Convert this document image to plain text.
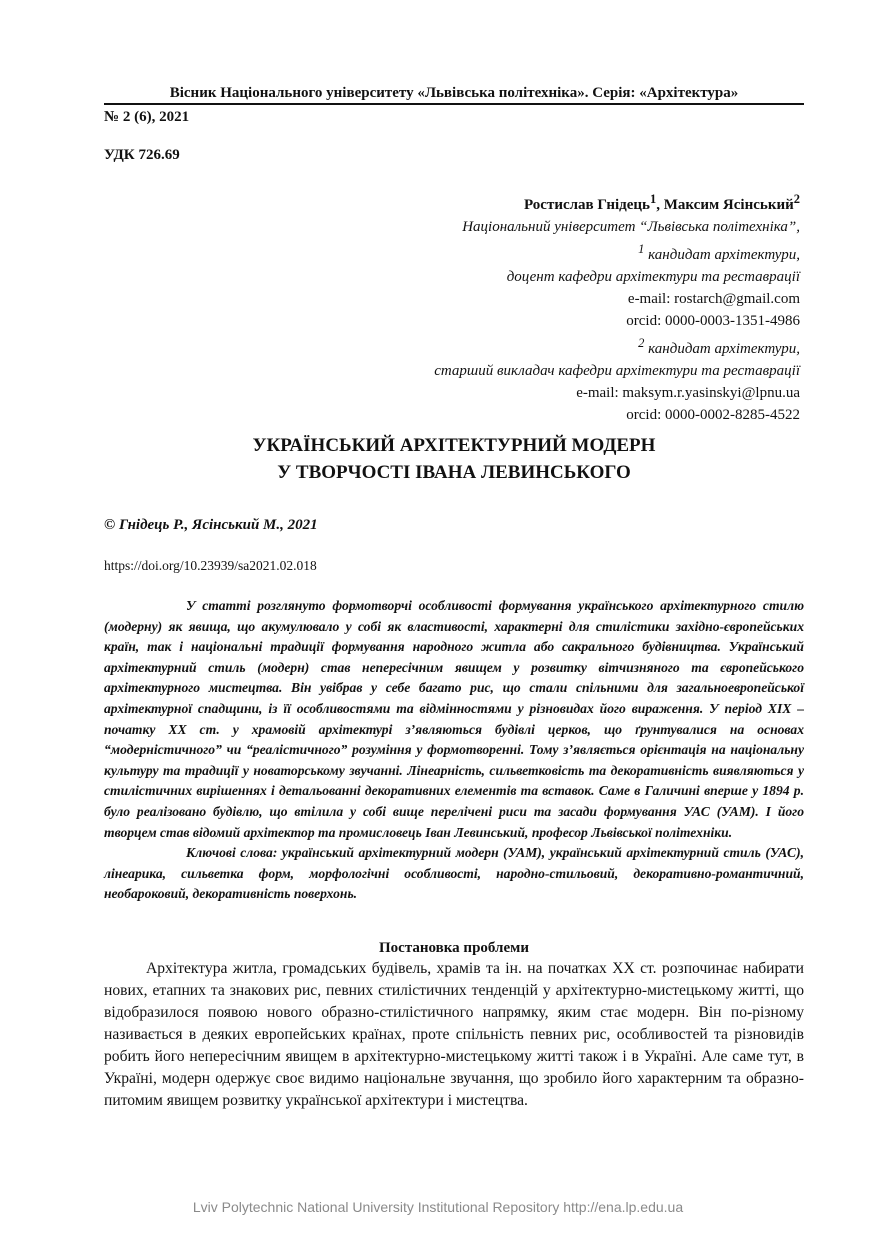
Вісник Національного університету «Львівська політехніка». Серія: «Архітектура»
№ 2 (6), 2021
УДК 726.69
Ростислав Гнідець$^1$, Максим Ясінський$^2$
Національний університет “Львівська політехніка”,
$^1$ кандидат архітектури,
доцент кафедри архітектури та реставрації
e-mail: rostarch@gmail.com
orcid: 0000-0003-1351-4986
$^2$ кандидат архітектури,
старший викладач кафедри архітектури та реставрації
e-mail: maksym.r.yasinskyi@lpnu.ua
orcid: 0000-0002-8285-4522
УКРАЇНСЬКИЙ АРХІТЕКТУРНИЙ МОДЕРН
У ТВОРЧОСТІ ІВАНА ЛЕВИНСЬКОГО
© Гнідець Р., Ясінський М., 2021
https://doi.org/10.23939/sa2021.02.018

У статті розглянуто формотворчі особливості формування українського архітектурного стилю (модерну) як явища, що акумулювало у собі як властивості, характерні для стилістики західно-європейських країн, так і національні традиції формування народного житла або сакрального будівництва. Український архітектурний стиль (модерн) став непересічним явищем у розвитку вітчизняного та європейського архітектурного мистецтва. Він увібрав у себе багато рис, що стали спільними для загальноевропейської архітектурної спадщини, із її особливостями та відмінностями у різновидах його вираження. У період XIX – початку XX ст. у храмовій архітектурі з’являються будівлі церков, що ґрунтувалися на основах “модерністичного” чи “реалістичного” розуміння у формотворенні. Тому з’являється орієнтація на національну культуру та традиції у новаторському звучанні. Лінеарність, сильветковість та декоративність виявляються у стилістичних вирішеннях і детальованні декоративних елементів та вставок. Саме в Галичині вперше у 1894 р. було реалізовано будівлю, що втілила у собі вище перелічені риси та засади формування УАС (УАМ). І його творцем став відомий архітектор та промисловець Іван Левинський, професор Львівської політехніки.

Ключові слова: український архітектурний модерн (УАМ), український архітектурний стиль (УАС), лінеарика, сильветка форм, морфологічні особливості, народно-стильовий, декоративно-романтичний, необароковий, декоративність поверхонь.

Постановка проблеми

Архітектура житла, громадських будівель, храмів та ін. на початках XX ст. розпочинає набирати нових, етапних та знакових рис, певних стилістичних тенденцій у архітектурно-мистецькому житті, що відобразилося появою нового образно-стилістичного напрямку, яким стає модерн. Він по-різному називається в деяких европейських країнах, проте спільність певних рис, особливостей та різновидів робить його непересічним явищем в архітектурно-мистецькому житті також і в Україні. Але саме тут, в Україні, модерн одержує своє видимо національне звучання, що зробило його характерним та образно-питомим явищем розвитку української архітектури і мистецтва.

Lviv Polytechnic National University Institutional Repository http://ena.lp.edu.ua
